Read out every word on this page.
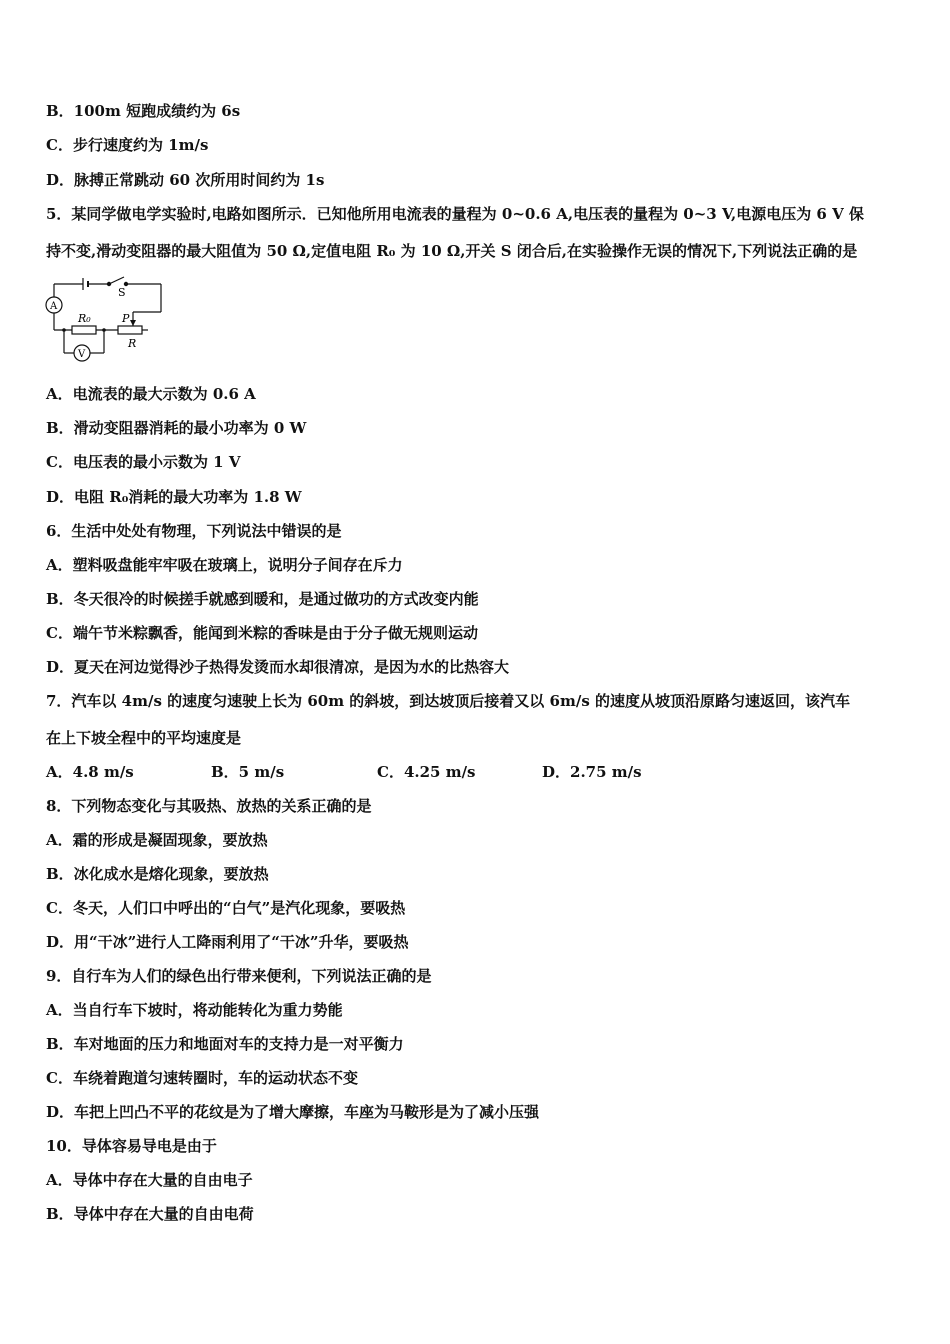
B．100m 短跑成绩约为 6s
C．步行速度约为 1m/s
D．脉搏正常跳动 60 次所用时间约为 1s
5．某同学做电学实验时,电路如图所示．已知他所用电流表的量程为 0~0.6 A,电压表的量程为 0~3 V,电源电压为 6 V 保
持不变,滑动变阻器的最大阻值为 50 Ω,定值电阻 R₀ 为 10 Ω,开关 S 闭合后,在实验操作无误的情况下,下列说法正确的是
S
A
V
R₀	P
R
A．电流表的最大示数为 0.6 A
B．滑动变阻器消耗的最小功率为 0 W
C．电压表的最小示数为 1 V
D．电阻 R₀消耗的最大功率为 1.8 W
6．生活中处处有物理，下列说法中错误的是
A．塑料吸盘能牢牢吸在玻璃上，说明分子间存在斥力
B．冬天很冷的时候搓手就感到暖和，是通过做功的方式改变内能
C．端午节米粽飘香，能闻到米粽的香味是由于分子做无规则运动
D．夏天在河边觉得沙子热得发烫而水却很清凉，是因为水的比热容大
7．汽车以 4m/s 的速度匀速驶上长为 60m 的斜坡，到达坡顶后接着又以 6m/s 的速度从坡顶沿原路匀速返回，该汽车
在上下坡全程中的平均速度是
A．4.8 m/s	B．5 m/s	C．4.25 m/s	D．2.75 m/s
8．下列物态变化与其吸热、放热的关系正确的是
A．霜的形成是凝固现象，要放热
B．冰化成水是熔化现象，要放热
C．冬天，人们口中呼出的“白气”是汽化现象，要吸热
D．用“干冰”进行人工降雨利用了“干冰”升华，要吸热
9．自行车为人们的绿色出行带来便利，下列说法正确的是
A．当自行车下坡时，将动能转化为重力势能
B．车对地面的压力和地面对车的支持力是一对平衡力
C．车绕着跑道匀速转圈时，车的运动状态不变
D．车把上凹凸不平的花纹是为了增大摩擦，车座为马鞍形是为了减小压强
10．导体容易导电是由于
A．导体中存在大量的自由电子
B．导体中存在大量的自由电荷
